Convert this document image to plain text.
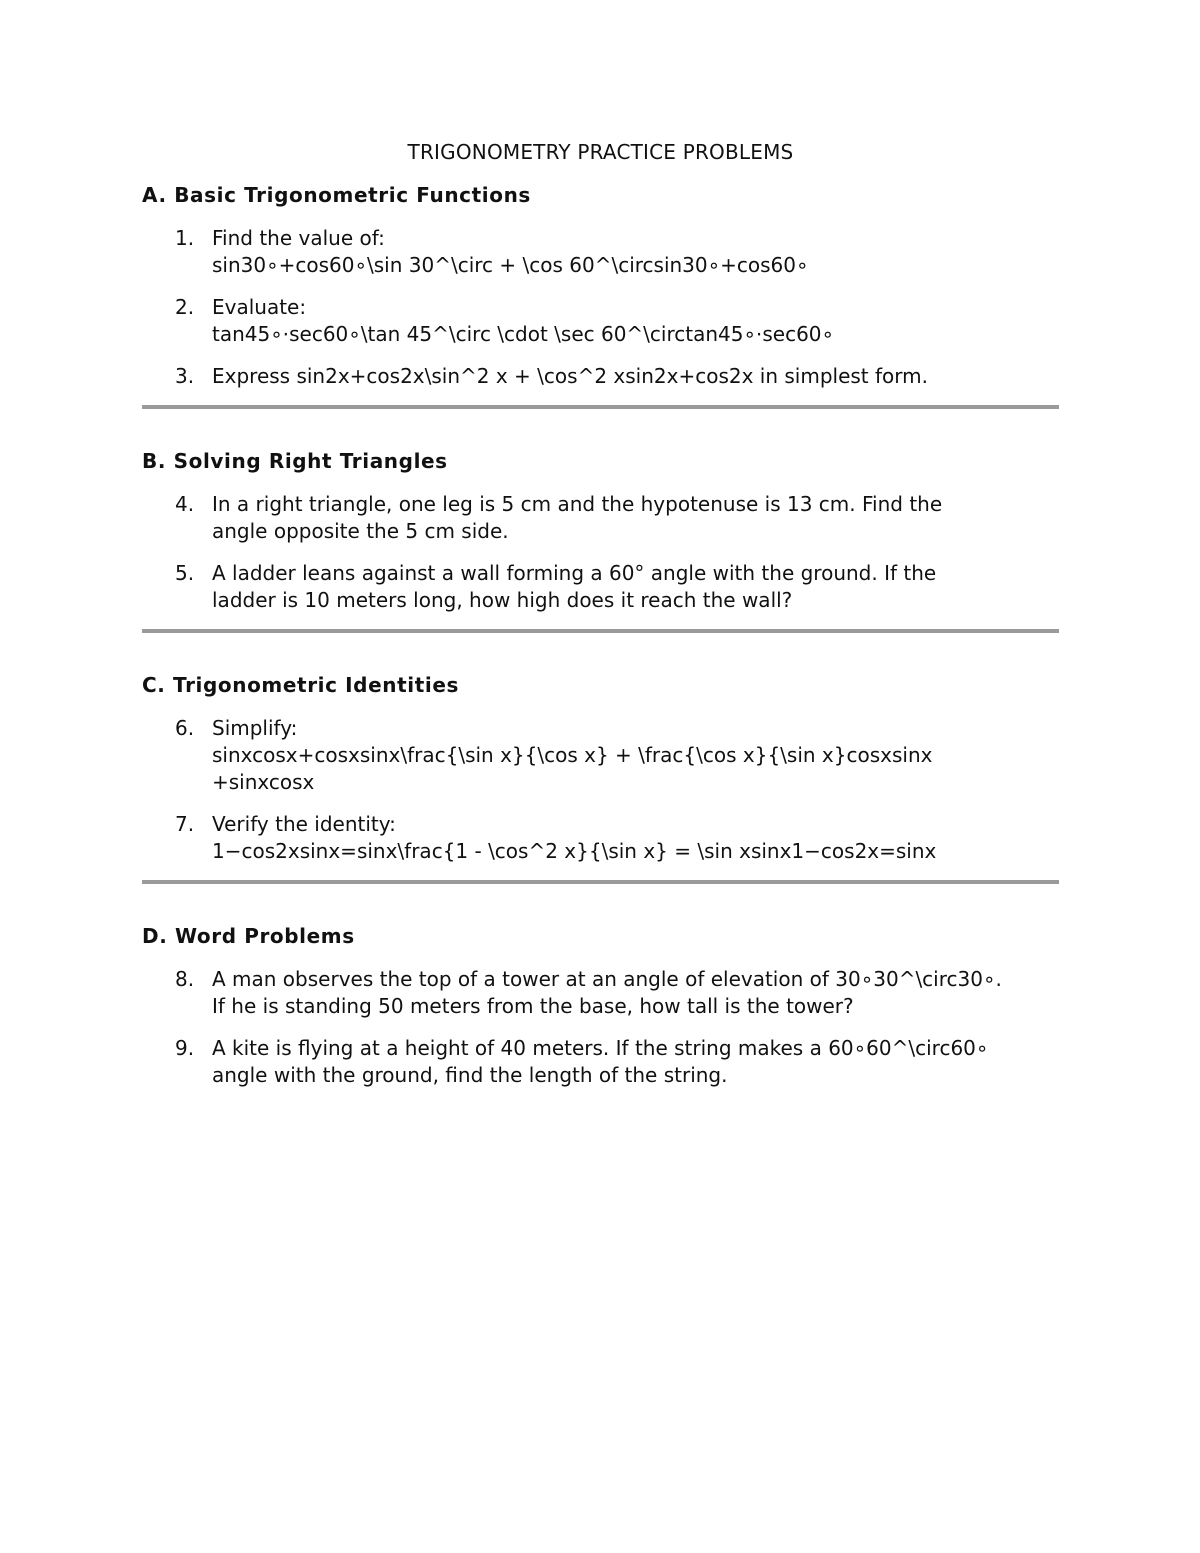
TRIGONOMETRY PRACTICE PROBLEMS
A. Basic Trigonometric Functions
1. Find the value of:
sin30∘+cos60∘\sin 30^\circ + \cos 60^\circsin30∘+cos60∘
2. Evaluate:
tan45∘⋅sec60∘\tan 45^\circ \cdot \sec 60^\circtan45∘⋅sec60∘
3. Express sin2x+cos2x\sin^2 x + \cos^2 xsin2x+cos2x in simplest form.
B. Solving Right Triangles
4. In a right triangle, one leg is 5 cm and the hypotenuse is 13 cm. Find the
angle opposite the 5 cm side.
5. A ladder leans against a wall forming a 60° angle with the ground. If the
ladder is 10 meters long, how high does it reach the wall?
C. Trigonometric Identities
6. Simplify:
sinxcosx+cosxsinx\frac{\sin x}{\cos x} + \frac{\cos x}{\sin x}cosxsinx
+sinxcosx
7. Verify the identity:
1−cos2xsinx=sinx\frac{1 - \cos^2 x}{\sin x} = \sin xsinx1−cos2x=sinx
D. Word Problems
8. A man observes the top of a tower at an angle of elevation of 30∘30^\circ30∘.
If he is standing 50 meters from the base, how tall is the tower?
9. A kite is flying at a height of 40 meters. If the string makes a 60∘60^\circ60∘
angle with the ground, find the length of the string.
